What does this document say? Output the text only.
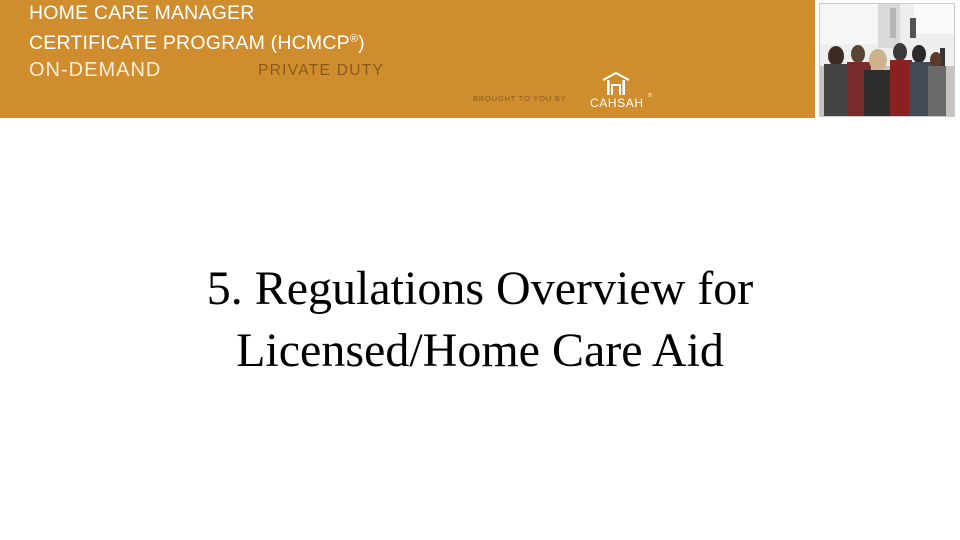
HOME CARE MANAGER
CERTIFICATE PROGRAM (HCMCP®)
ON-DEMAND	PRIVATE DUTY
BROUGHT TO YOU BY CAHSAH ®
5. Regulations Overview for
Licensed/Home Care Aid
